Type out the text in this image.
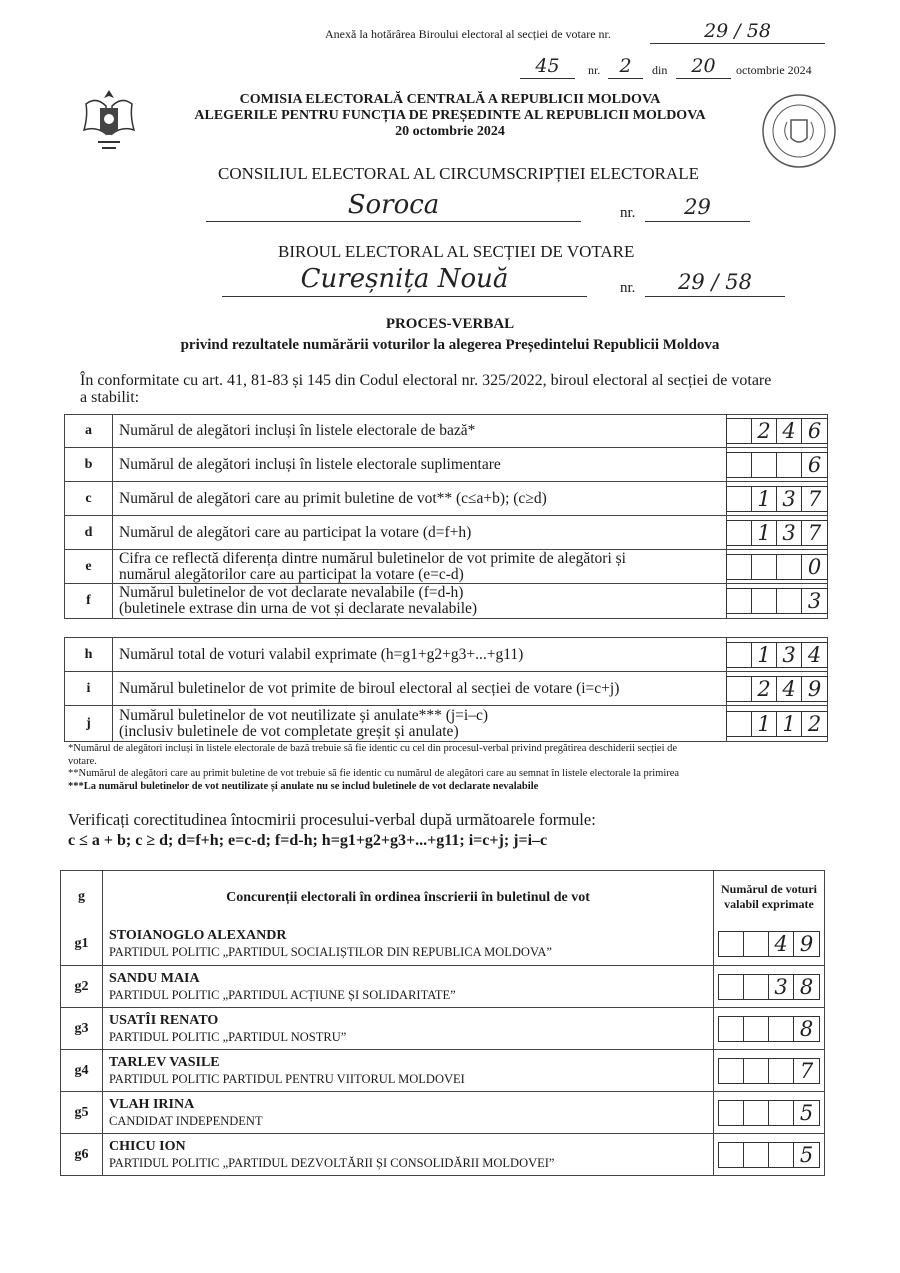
Anexă la hotărârea Biroului electoral al secției de votare nr.	29 / 58
45	nr.	2	din	20	octombrie 2024
COMISIA ELECTORALĂ CENTRALĂ A REPUBLICII MOLDOVA
ALEGERILE PENTRU FUNCȚIA DE PREȘEDINTE AL REPUBLICII MOLDOVA
20 octombrie 2024
CONSILIUL ELECTORAL AL CIRCUMSCRIPȚIEI ELECTORALE
Soroca	nr.	29
BIROUL ELECTORAL AL SECȚIEI DE VOTARE
Cureșnița Nouă	nr.	29 / 58
PROCES-VERBAL
privind rezultatele numărării voturilor la alegerea Președintelui Republicii Moldova
În conformitate cu art. 41, 81-83 și 145 din Codul electoral nr. 325/2022, biroul electoral al secției de votare
a stabilit:
a	Numărul de alegători incluși în listele electorale de bază*	2 4 6
b	Numărul de alegători incluși în listele electorale suplimentare	6
c	Numărul de alegători care au primit buletine de vot** (c≤a+b); (c≥d)	1 3 7
d	Numărul de alegători care au participat la votare (d=f+h)	1 3 7
e	Cifra ce reflectă diferența dintre numărul buletinelor de vot primite de alegători și
numărul alegătorilor care au participat la votare (e=c-d)	0
f	Numărul buletinelor de vot declarate nevalabile (f=d-h)
(buletinele extrase din urna de vot și declarate nevalabile)	3
h	Numărul total de voturi valabil exprimate (h=g1+g2+g3+...+g11)	1 3 4
i	Numărul buletinelor de vot primite de biroul electoral al secției de votare (i=c+j)	2 4 9
j	Numărul buletinelor de vot neutilizate și anulate*** (j=i–c)
(inclusiv buletinele de vot completate greșit și anulate)	1 1 2
*Numărul de alegători incluși în listele electorale de bază trebuie să fie identic cu cel din procesul-verbal privind pregătirea deschiderii secției de
votare.
**Numărul de alegători care au primit buletine de vot trebuie să fie identic cu numărul de alegători care au semnat în listele electorale la primirea
***La numărul buletinelor de vot neutilizate și anulate nu se includ buletinele de vot declarate nevalabile
Verificați corectitudinea întocmirii procesului-verbal după următoarele formule:
c ≤ a + b; c ≥ d; d=f+h; e=c-d; f=d-h; h=g1+g2+g3+...+g11; i=c+j; j=i–c
g	Concurenții electorali în ordinea înscrierii în buletinul de vot
Numărul de voturi valabil exprimate
g1
STOIANOGLO ALEXANDR
PARTIDUL POLITIC „PARTIDUL SOCIALIȘTILOR DIN REPUBLICA MOLDOVA”	4 9
g2
SANDU MAIA
PARTIDUL POLITIC „PARTIDUL ACȚIUNE ȘI SOLIDARITATE”	3 8
g3
USATÎI RENATO
PARTIDUL POLITIC „PARTIDUL NOSTRU”	8
g4
TARLEV VASILE
PARTIDUL POLITIC PARTIDUL PENTRU VIITORUL MOLDOVEI	7
g5
VLAH IRINA
CANDIDAT INDEPENDENT	5
g6
CHICU ION
PARTIDUL POLITIC „PARTIDUL DEZVOLTĂRII ȘI CONSOLIDĂRII MOLDOVEI”	5
